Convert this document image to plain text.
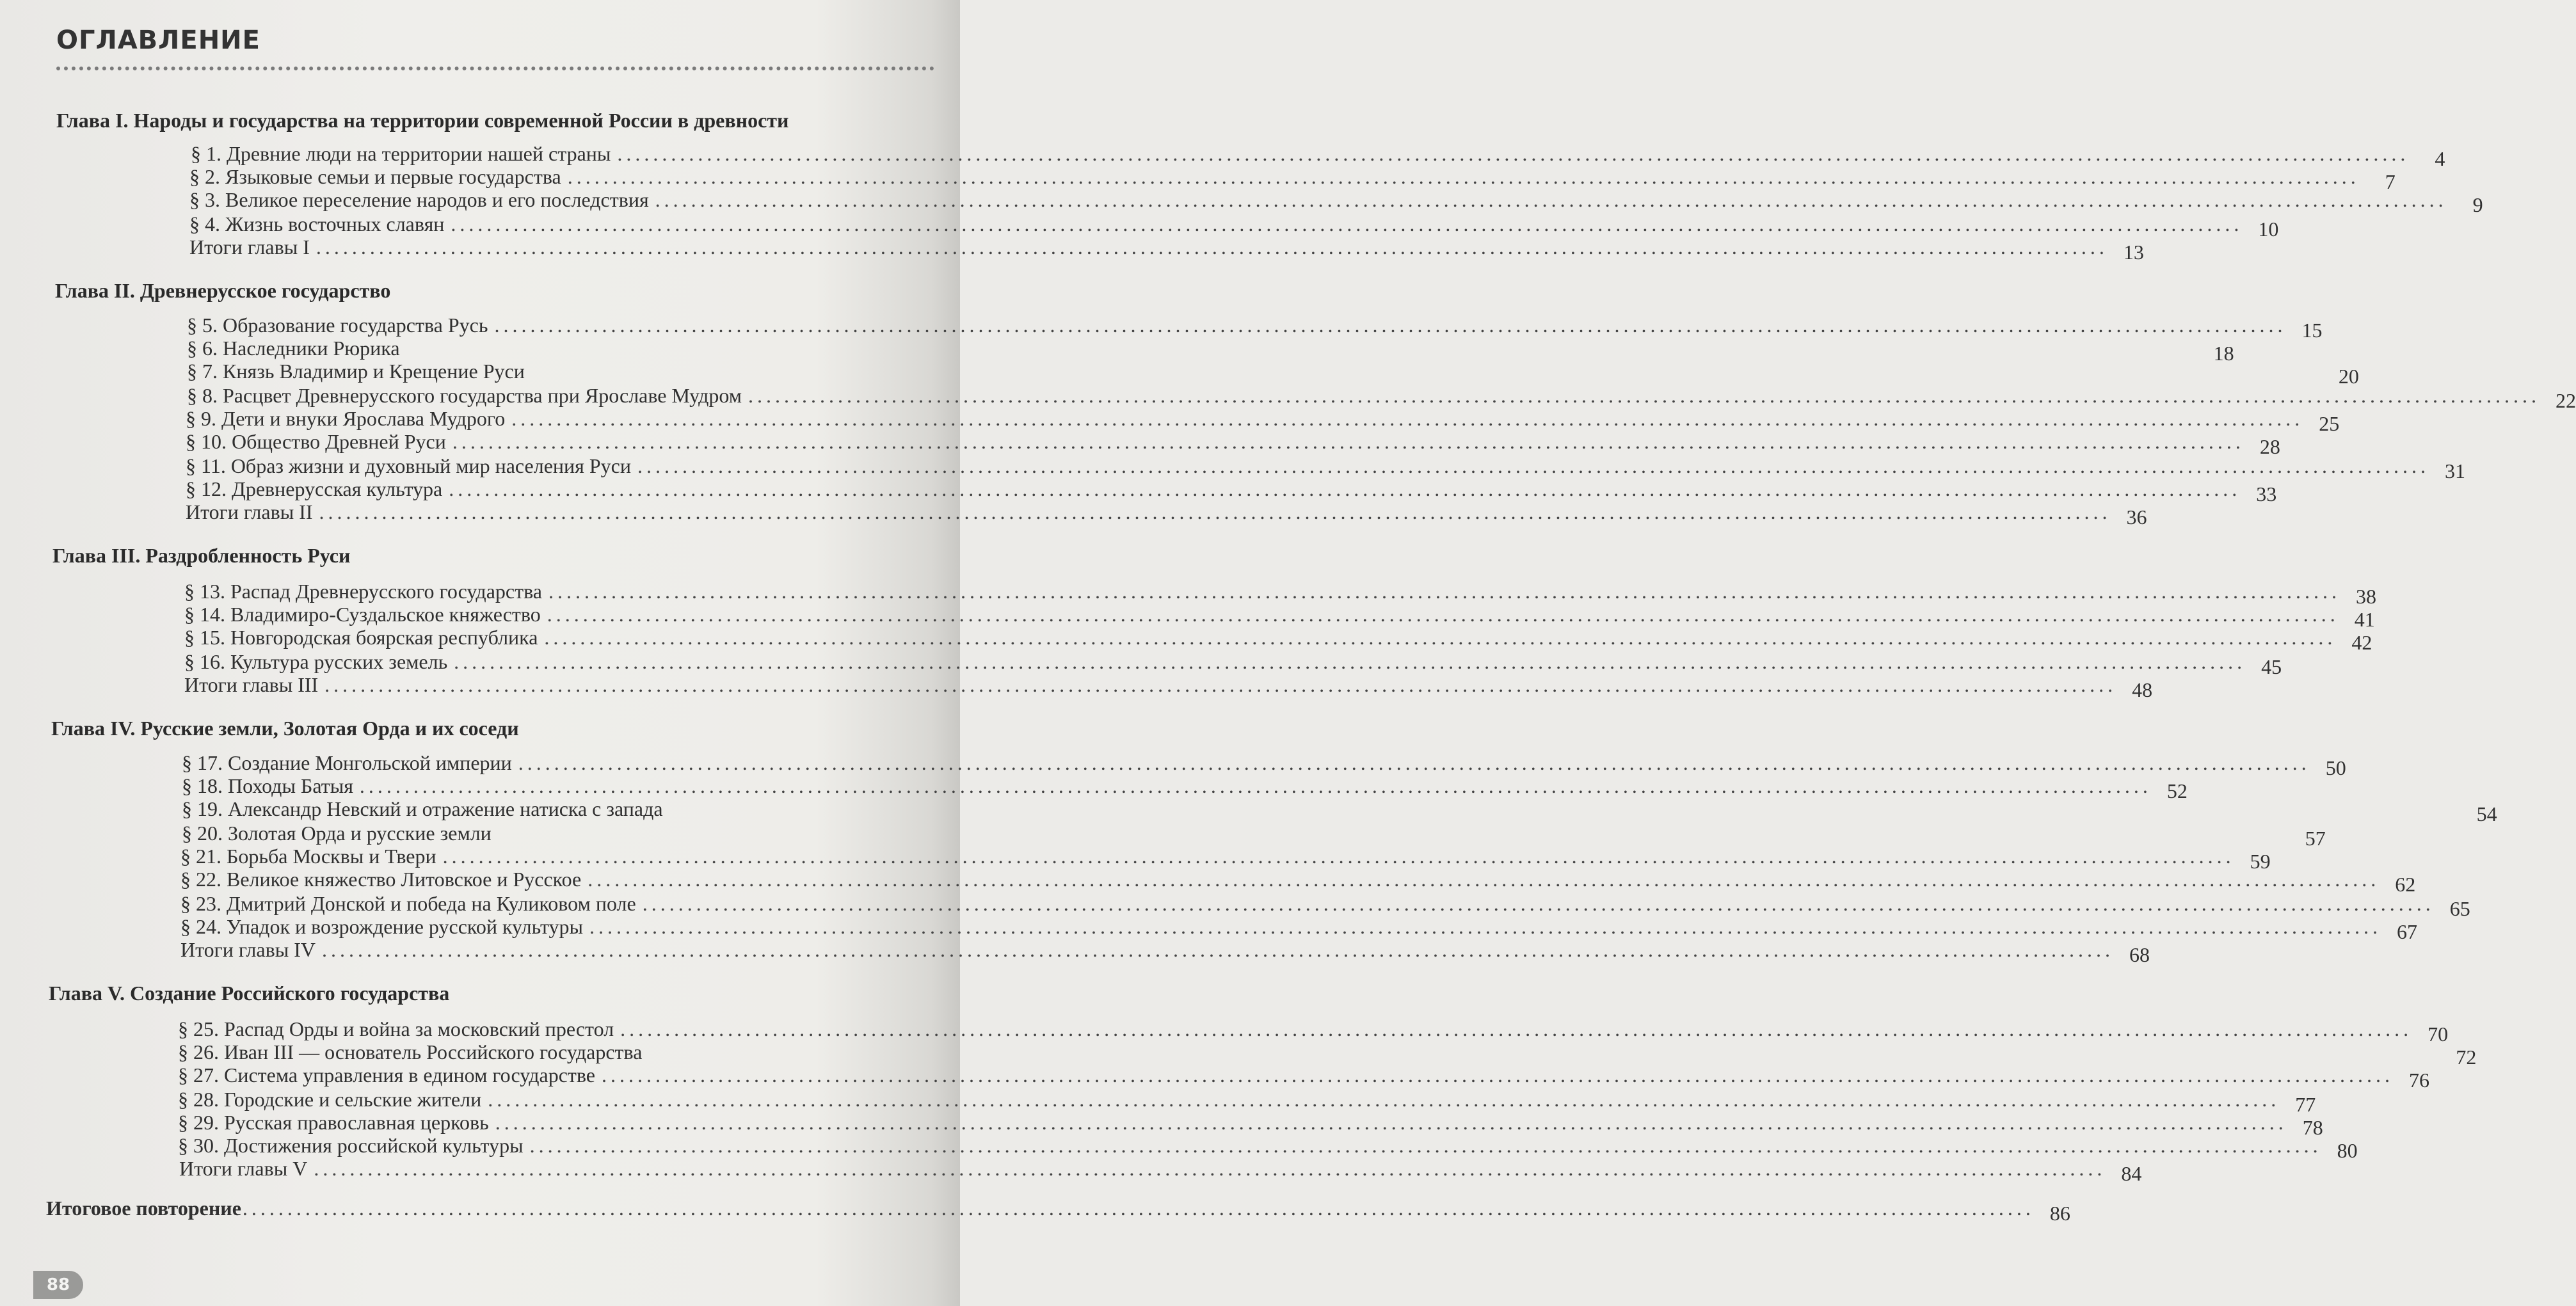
ОГЛАВЛЕНИЕ
Глава I. Народы и государства на территории современной России в древности
§ 1. Древние люди на территории нашей страны ........................................................................................................................................................................................................	4
§ 2. Языковые семьи и первые государства ........................................................................................................................................................................................................	7
§ 3. Великое переселение народов и его последствия ........................................................................................................................................................................................................	9
§ 4. Жизнь восточных славян ........................................................................................................................................................................................................ 10
Итоги главы I ........................................................................................................................................................................................................ 13
Глава II. Древнерусское государство
§ 5. Образование государства Русь ........................................................................................................................................................................................................ 15
§ 6. Наследники Рюрика	18
§ 7. Князь Владимир и Крещение Руси	20
§ 8. Расцвет Древнерусского государства при Ярославе Мудром ........................................................................................................................................................................................................ 22
§ 9. Дети и внуки Ярослава Мудрого ........................................................................................................................................................................................................ 25
§ 10. Общество Древней Руси ........................................................................................................................................................................................................ 28
§ 11. Образ жизни и духовный мир населения Руси ........................................................................................................................................................................................................ 31
§ 12. Древнерусская культура ........................................................................................................................................................................................................ 33
Итоги главы II ........................................................................................................................................................................................................ 36
Глава III. Раздробленность Руси
§ 13. Распад Древнерусского государства ........................................................................................................................................................................................................ 38
§ 14. Владимиро-Суздальское княжество ........................................................................................................................................................................................................ 41
§ 15. Новгородская боярская республика ........................................................................................................................................................................................................ 42
§ 16. Культура русских земель ........................................................................................................................................................................................................ 45
Итоги главы III ........................................................................................................................................................................................................ 48
Глава IV. Русские земли, Золотая Орда и их соседи
§ 17. Создание Монгольской империи ........................................................................................................................................................................................................ 50
§ 18. Походы Батыя ........................................................................................................................................................................................................ 52
§ 19. Александр Невский и отражение натиска с запада	54
§ 20. Золотая Орда и русские земли	57
§ 21. Борьба Москвы и Твери ........................................................................................................................................................................................................ 59
§ 22. Великое княжество Литовское и Русское ........................................................................................................................................................................................................ 62
§ 23. Дмитрий Донской и победа на Куликовом поле ........................................................................................................................................................................................................ 65
§ 24. Упадок и возрождение русской культуры ........................................................................................................................................................................................................ 67
Итоги главы IV ........................................................................................................................................................................................................ 68
Глава V. Создание Российского государства
§ 25. Распад Орды и война за московский престол ........................................................................................................................................................................................................ 70
§ 26. Иван III — основатель Российского государства	72
§ 27. Система управления в едином государстве ........................................................................................................................................................................................................ 76
§ 28. Городские и сельские жители ........................................................................................................................................................................................................ 77
§ 29. Русская православная церковь ........................................................................................................................................................................................................ 78
§ 30. Достижения российской культуры ........................................................................................................................................................................................................ 80
Итоги главы V ........................................................................................................................................................................................................ 84
Итоговое повторение ........................................................................................................................................................................................................ 86
88
